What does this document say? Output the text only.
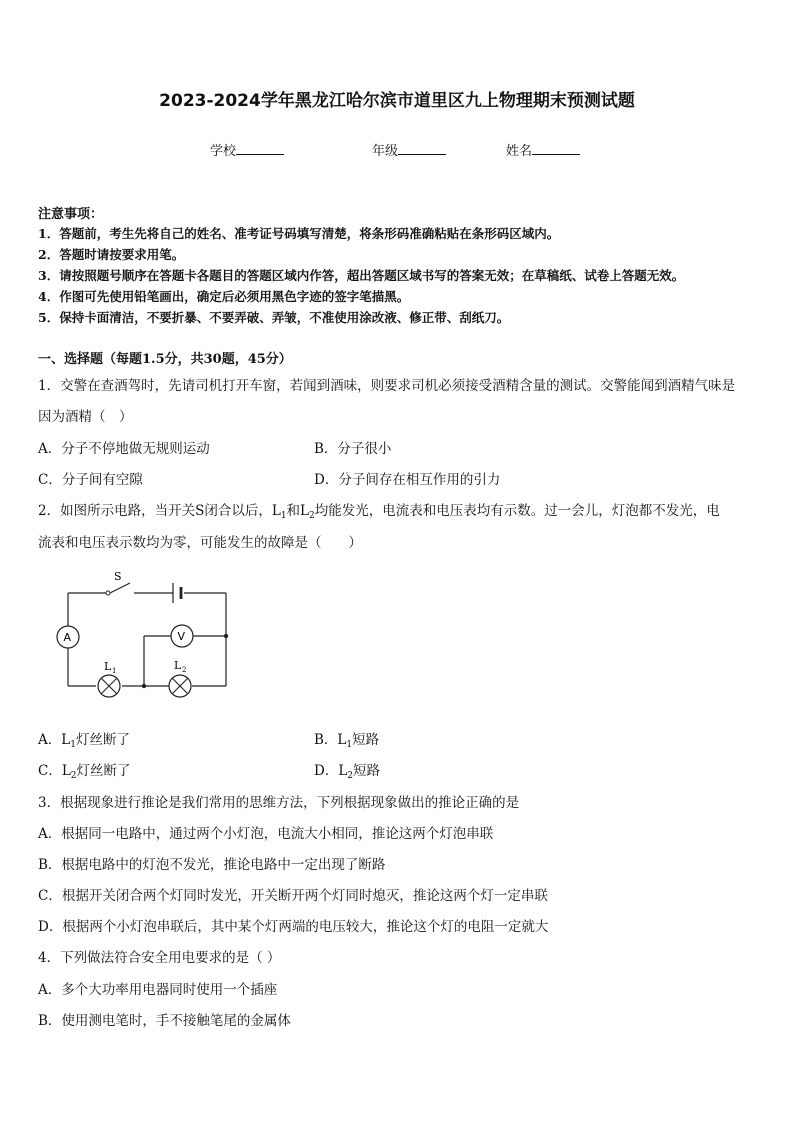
2023-2024学年黑龙江哈尔滨市道里区九上物理期末预测试题
学校	年级	姓名
注意事项：
1．答题前，考生先将自己的姓名、准考证号码填写清楚，将条形码准确粘贴在条形码区域内。
2．答题时请按要求用笔。
3．请按照题号顺序在答题卡各题目的答题区域内作答，超出答题区域书写的答案无效；在草稿纸、试卷上答题无效。
4．作图可先使用铅笔画出，确定后必须用黑色字迹的签字笔描黑。
5．保持卡面清洁，不要折暴、不要弄破、弄皱，不准使用涂改液、修正带、刮纸刀。
一、选择题（每题1.5分，共30题，45分）
1．交警在查酒驾时，先请司机打开车窗，若闻到酒味，则要求司机必须接受酒精含量的测试。交警能闻到酒精气味是
因为酒精（　）
A．分子不停地做无规则运动	B．分子很小
C．分子间有空隙	D．分子间存在相互作用的引力
2．如图所示电路，当开关S闭合以后，$L_1$和$L_2$均能发光，电流表和电压表均有示数。过一会儿，灯泡都不发光，电
流表和电压表示数均为零，可能发生的故障是（　　）
S
A	V
L 1	L 2
A．$L_1$灯丝断了	B．$L_1$短路
C．$L_2$灯丝断了	D．$L_2$短路
3．根据现象进行推论是我们常用的思维方法，下列根据现象做出的推论正确的是
A．根据同一电路中，通过两个小灯泡，电流大小相同，推论这两个灯泡串联
B．根据电路中的灯泡不发光，推论电路中一定出现了断路
C．根据开关闭合两个灯同时发光，开关断开两个灯同时熄灭，推论这两个灯一定串联
D．根据两个小灯泡串联后，其中某个灯两端的电压较大，推论这个灯的电阻一定就大
4．下列做法符合安全用电要求的是（ ）
A．多个大功率用电器同时使用一个插座
B．使用测电笔时，手不接触笔尾的金属体
